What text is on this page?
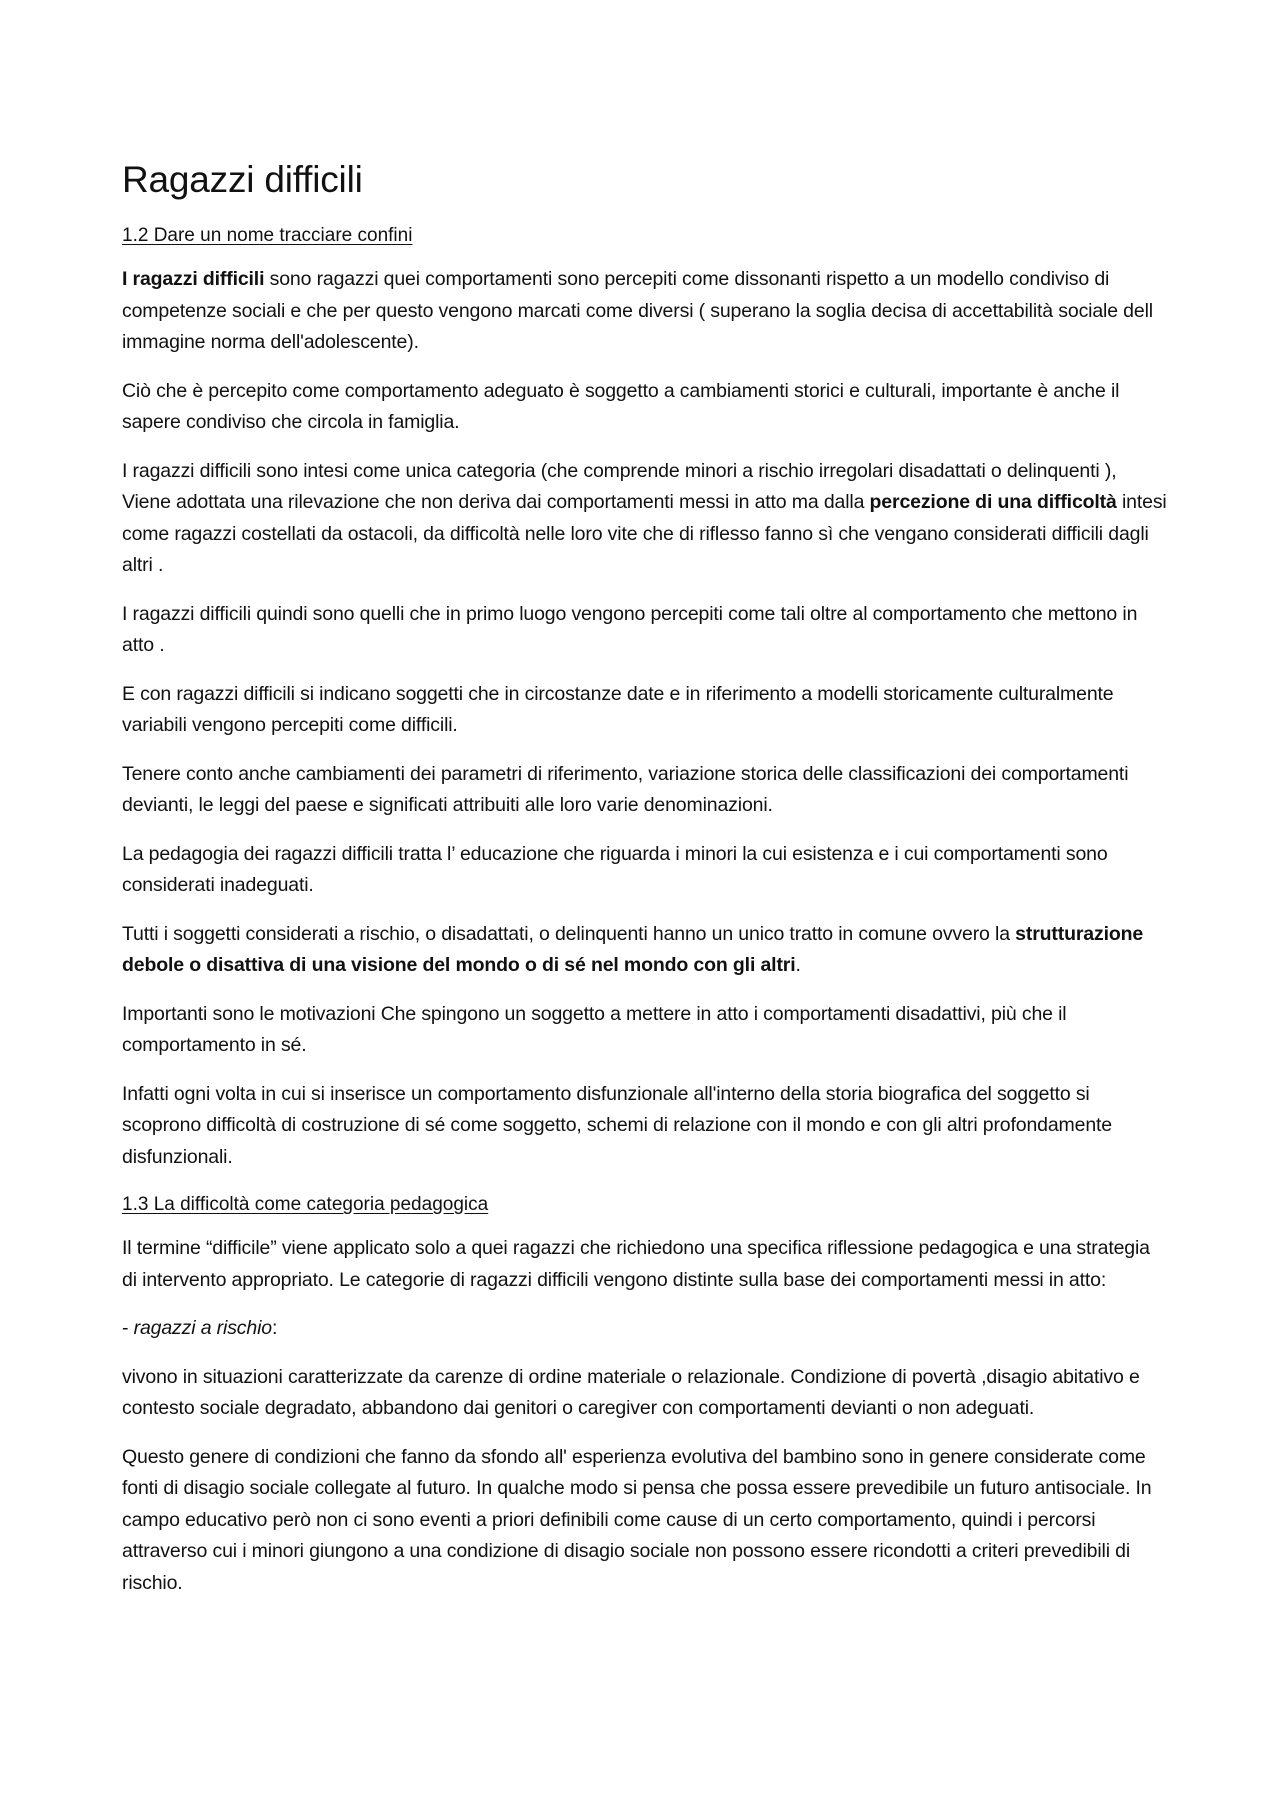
Ragazzi difficili
1.2 Dare un nome tracciare confini

I ragazzi difficili sono ragazzi quei comportamenti sono percepiti come dissonanti rispetto a un modello condiviso di competenze sociali e che per questo vengono marcati come diversi ( superano la soglia decisa di accettabilità sociale dell immagine norma dell'adolescente).

Ciò che è percepito come comportamento adeguato è soggetto a cambiamenti storici e culturali, importante è anche il sapere condiviso che circola in famiglia.

I ragazzi difficili sono intesi come unica categoria (che comprende minori a rischio irregolari disadattati o delinquenti ), Viene adottata una rilevazione che non deriva dai comportamenti messi in atto ma dalla percezione di una difficoltà intesi come ragazzi costellati da ostacoli, da difficoltà nelle loro vite che di riflesso fanno sì che vengano considerati difficili dagli altri .

I ragazzi difficili quindi sono quelli che in primo luogo vengono percepiti come tali oltre al comportamento che mettono in atto .

E con ragazzi difficili si indicano soggetti che in circostanze date e in riferimento a modelli storicamente culturalmente variabili vengono percepiti come difficili.

Tenere conto anche cambiamenti dei parametri di riferimento, variazione storica delle classificazioni dei comportamenti devianti, le leggi del paese e significati attribuiti alle loro varie denominazioni.

La pedagogia dei ragazzi difficili tratta l’ educazione che riguarda i minori la cui esistenza e i cui comportamenti sono considerati inadeguati.

Tutti i soggetti considerati a rischio, o disadattati, o delinquenti hanno un unico tratto in comune ovvero la strutturazione debole o disattiva di una visione del mondo o di sé nel mondo con gli altri.

Importanti sono le motivazioni Che spingono un soggetto a mettere in atto i comportamenti disadattivi, più che il comportamento in sé.

Infatti ogni volta in cui si inserisce un comportamento disfunzionale all'interno della storia biografica del soggetto si scoprono difficoltà di costruzione di sé come soggetto, schemi di relazione con il mondo e con gli altri profondamente disfunzionali.

1.3 La difficoltà come categoria pedagogica

Il termine “difficile” viene applicato solo a quei ragazzi che richiedono una specifica riflessione pedagogica e una strategia di intervento appropriato. Le categorie di ragazzi difficili vengono distinte sulla base dei comportamenti messi in atto:

- ragazzi a rischio:

vivono in situazioni caratterizzate da carenze di ordine materiale o relazionale. Condizione di povertà ,disagio abitativo e contesto sociale degradato, abbandono dai genitori o caregiver con comportamenti devianti o non adeguati.

Questo genere di condizioni che fanno da sfondo all' esperienza evolutiva del bambino sono in genere considerate come fonti di disagio sociale collegate al futuro. In qualche modo si pensa che possa essere prevedibile un futuro antisociale. In campo educativo però non ci sono eventi a priori definibili come cause di un certo comportamento, quindi i percorsi attraverso cui i minori giungono a una condizione di disagio sociale non possono essere ricondotti a criteri prevedibili di rischio.
